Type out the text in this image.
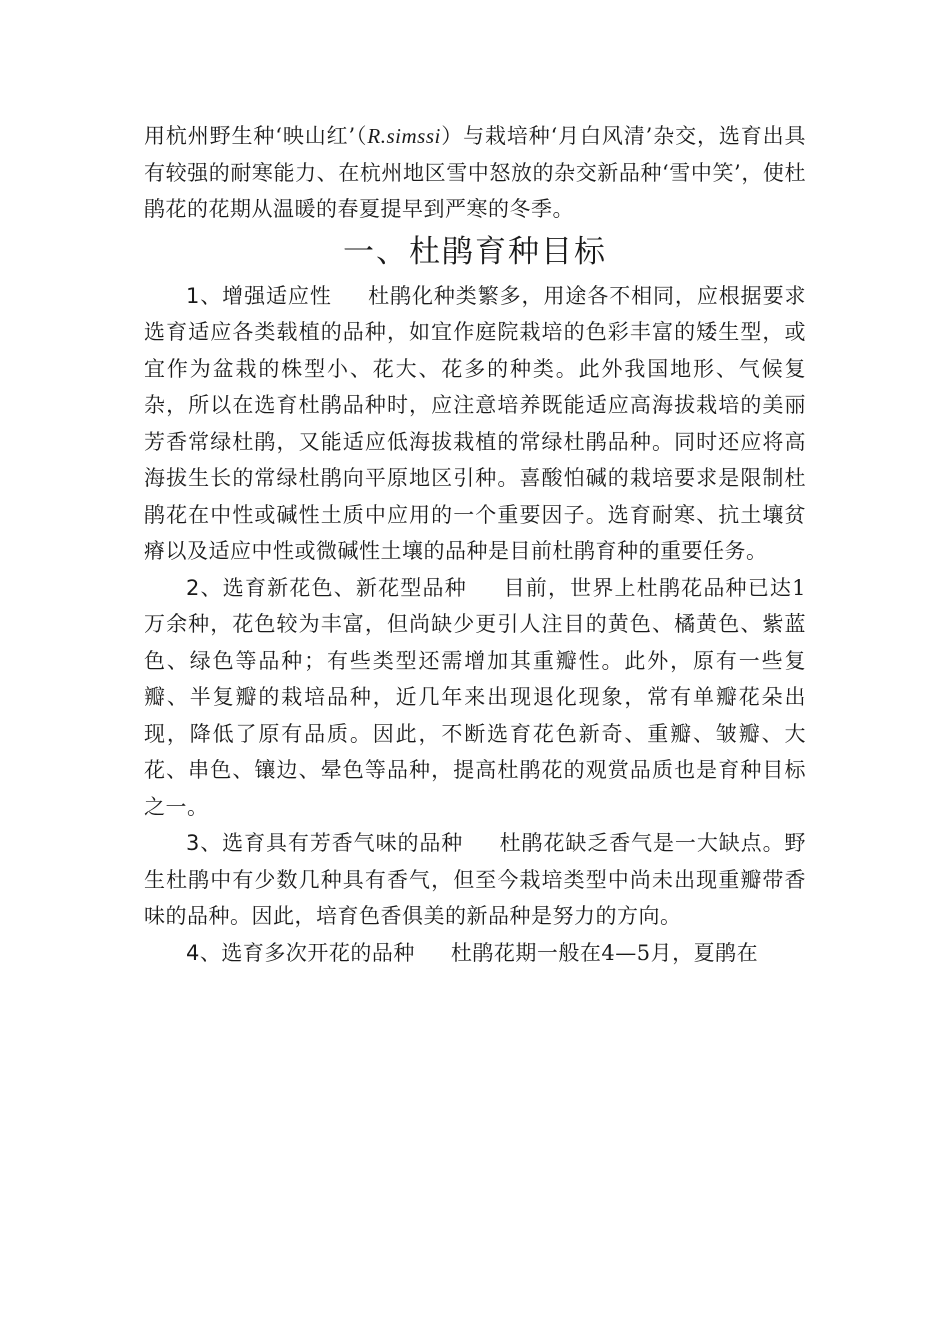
用杭州野生种‘映山红’（R.simssi）与栽培种‘月白风清’杂交，选育出具有较强的耐寒能力、在杭州地区雪中怒放的杂交新品种‘雪中笑’，使杜鹃花的花期从温暖的春夏提早到严寒的冬季。

一、杜鹃育种目标

1、增强适应性 杜鹃化种类繁多，用途各不相同，应根据要求选育适应各类载植的品种，如宜作庭院栽培的色彩丰富的矮生型，或宜作为盆栽的株型小、花大、花多的种类。此外我国地形、气候复杂，所以在选育杜鹃品种时，应注意培养既能适应高海拔栽培的美丽芳香常绿杜鹃，又能适应低海拔栽植的常绿杜鹃品种。同时还应将高海拔生长的常绿杜鹃向平原地区引种。喜酸怕碱的栽培要求是限制杜鹃花在中性或碱性土质中应用的一个重要因子。选育耐寒、抗土壤贫瘠以及适应中性或微碱性土壤的品种是目前杜鹃育种的重要任务。

2、选育新花色、新花型品种 目前，世界上杜鹃花品种已达1万余种，花色较为丰富，但尚缺少更引人注目的黄色、橘黄色、紫蓝色、绿色等品种；有些类型还需增加其重瓣性。此外，原有一些复瓣、半复瓣的栽培品种，近几年来出现退化现象，常有单瓣花朵出现，降低了原有品质。因此，不断选育花色新奇、重瓣、皱瓣、大花、串色、镶边、晕色等品种，提高杜鹃花的观赏品质也是育种目标之一。

3、选育具有芳香气味的品种 杜鹃花缺乏香气是一大缺点。野生杜鹃中有少数几种具有香气，但至今栽培类型中尚未出现重瓣带香味的品种。因此，培育色香俱美的新品种是努力的方向。

4、选育多次开花的品种 杜鹃花期一般在4—5月，夏鹃在
